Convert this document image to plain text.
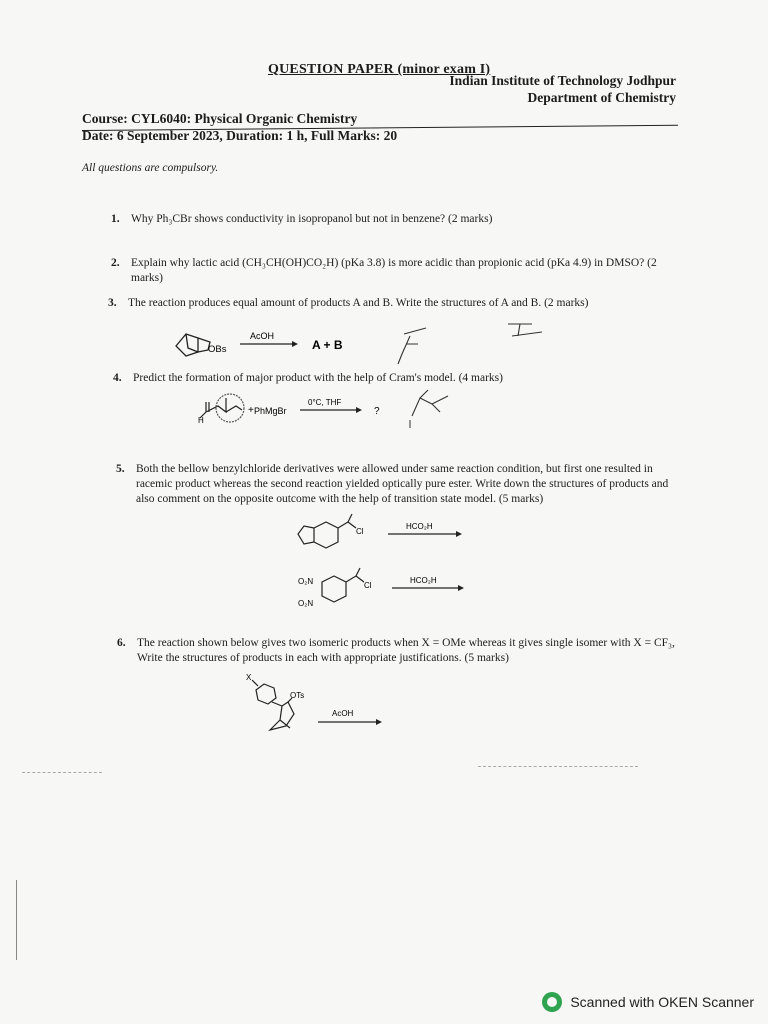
QUESTION PAPER (minor exam I)
Indian Institute of Technology Jodhpur
Department of Chemistry
Course: CYL6040: Physical Organic Chemistry
Date: 6 September 2023, Duration: 1 h, Full Marks: 20
All questions are compulsory.
1. Why Ph₃CBr shows conductivity in isopropanol but not in benzene? (2 marks)
2. Explain why lactic acid (CH₃CH(OH)CO₂H) (pKa 3.8) is more acidic than propionic acid (pKa 4.9) in DMSO? (2 marks)
3. The reaction produces equal amount of products A and B. Write the structures of A and B. (2 marks)
OBs
AcOH
A + B
4. Predict the formation of major product with the help of Cram's model. (4 marks)
H
PhMgBr
+
0°C, THF
?
5. Both the bellow benzylchloride derivatives were allowed under same reaction condition, but first one resulted in racemic product whereas the second reaction yielded optically pure ester. Write down the structures of products and also comment on the opposite outcome with the help of transition state model. (5 marks)
Cl
HCO₂H
O₂N
O₂N
Cl
HCO₂H
6. The reaction shown below gives two isomeric products when X = OMe whereas it gives single isomer with X = CF₃, Write the structures of products in each with appropriate justifications. (5 marks)
X
OTs
AcOH
Scanned with OKEN Scanner
